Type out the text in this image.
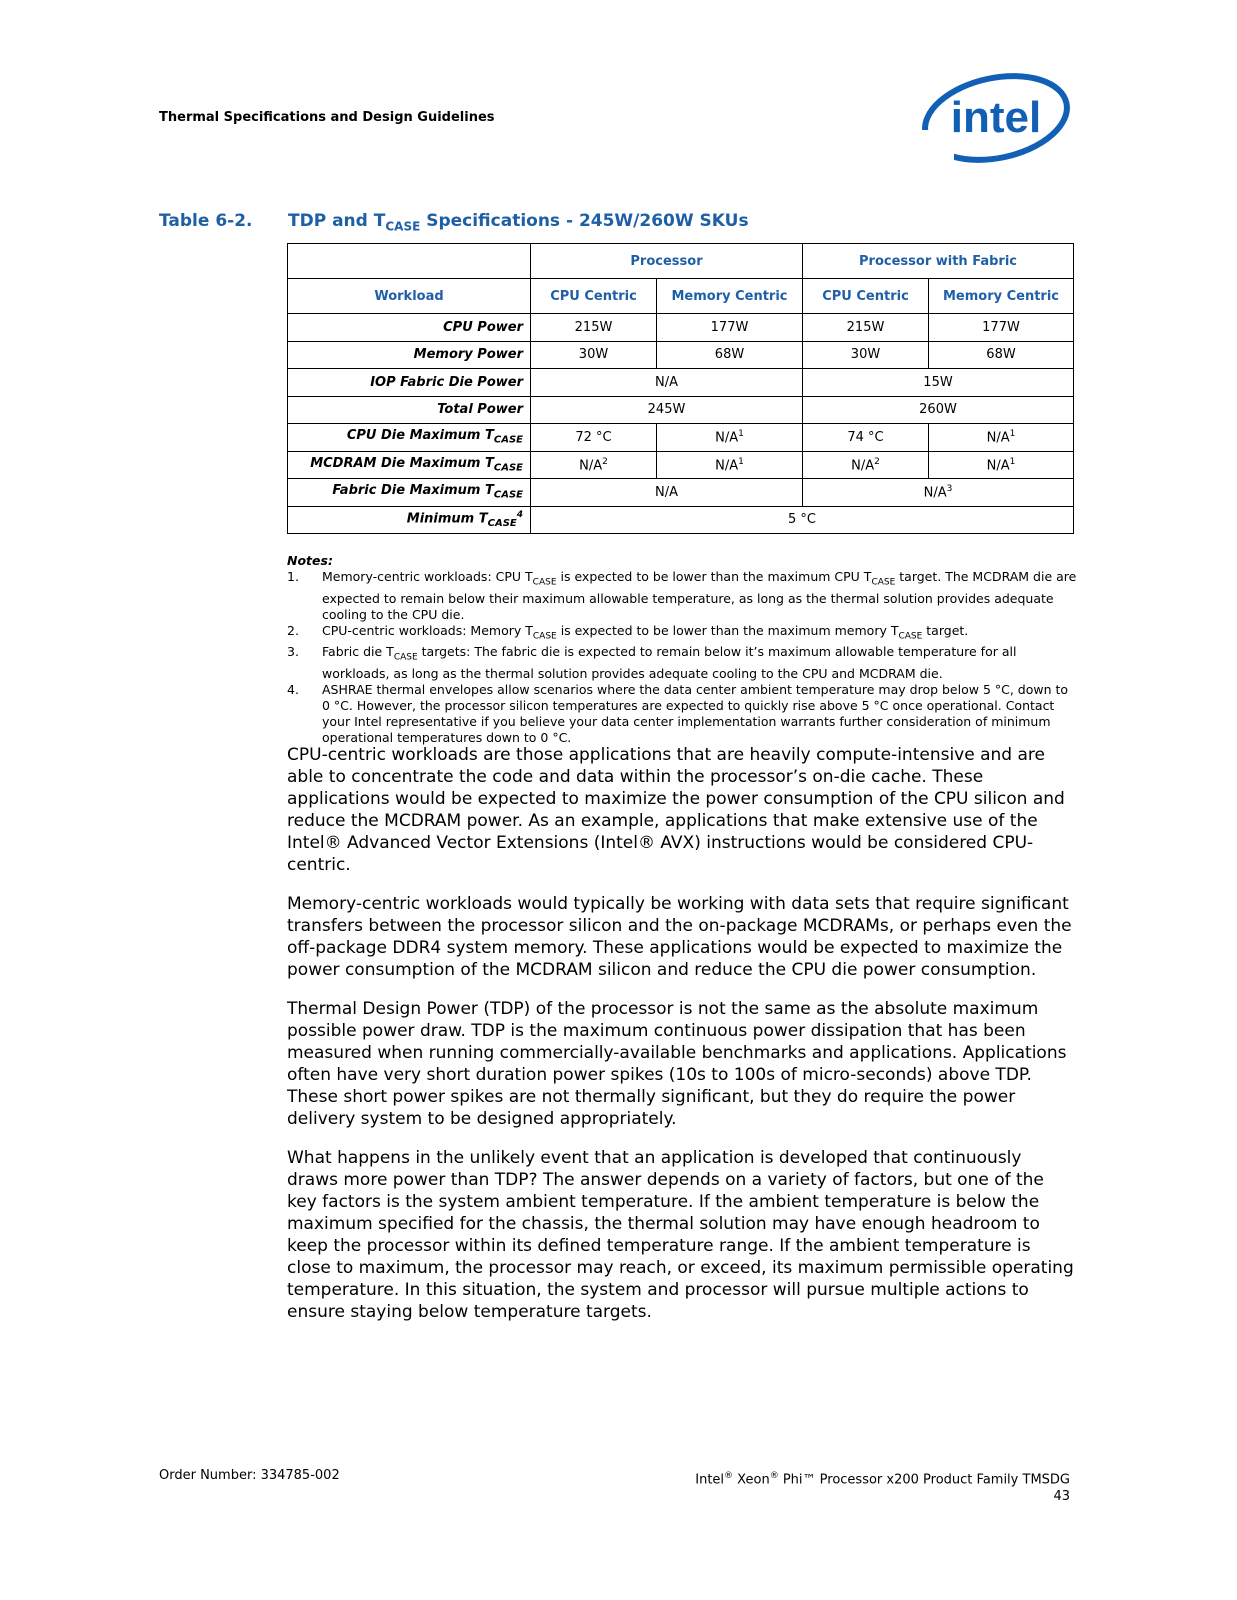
Thermal Specifications and Design Guidelines	intel
Table 6-2. TDP and $T_{CASE}$ Specifications - 245W/260W SKUs
	Processor		Processor with Fabric	
Workload	CPU Centric	Memory Centric	CPU Centric	Memory Centric
CPU Power	215W	177W	215W	177W
Memory Power	30W	68W	30W	68W
IOP Fabric Die Power	N/A		15W	
Total Power	245W		260W	
CPU Die Maximum $T_{CASE}$	72 °C	$N/A^1$	74 °C	$N/A^1$
MCDRAM Die Maximum $T_{CASE}$	$N/A^2$	$N/A^1$	$N/A^2$	$N/A^1$
Fabric Die Maximum $T_{CASE}$	N/A		$N/A^3$
Minimum $T_{CASE}^4$	5 °C			
Notes:
1.	Memory-centric workloads: CPU $T_{CASE}$ is expected to be lower than the maximum CPU $T_{CASE}$ target. The MCDRAM die are expected to remain below their maximum allowable temperature, as long as the thermal solution provides adequate cooling to the CPU die.
2.	CPU-centric workloads: Memory $T_{CASE}$ is expected to be lower than the maximum memory $T_{CASE}$ target.
3.	Fabric die $T_{CASE}$ targets: The fabric die is expected to remain below it’s maximum allowable temperature for all workloads, as long as the thermal solution provides adequate cooling to the CPU and MCDRAM die.
4.	ASHRAE thermal envelopes allow scenarios where the data center ambient temperature may drop below 5 °C, down to 0 °C. However, the processor silicon temperatures are expected to quickly rise above 5 °C once operational. Contact your Intel representative if you believe your data center implementation warrants further consideration of minimum operational temperatures down to 0 °C.

CPU-centric workloads are those applications that are heavily compute-intensive and are able to concentrate the code and data within the processor’s on-die cache. These applications would be expected to maximize the power consumption of the CPU silicon and reduce the MCDRAM power. As an example, applications that make extensive use of the Intel® Advanced Vector Extensions (Intel® AVX) instructions would be considered CPU-centric.

Memory-centric workloads would typically be working with data sets that require significant transfers between the processor silicon and the on-package MCDRAMs, or perhaps even the off-package DDR4 system memory. These applications would be expected to maximize the power consumption of the MCDRAM silicon and reduce the CPU die power consumption.

Thermal Design Power (TDP) of the processor is not the same as the absolute maximum possible power draw. TDP is the maximum continuous power dissipation that has been measured when running commercially-available benchmarks and applications. Applications often have very short duration power spikes (10s to 100s of micro-seconds) above TDP. These short power spikes are not thermally significant, but they do require the power delivery system to be designed appropriately.

What happens in the unlikely event that an application is developed that continuously draws more power than TDP? The answer depends on a variety of factors, but one of the key factors is the system ambient temperature. If the ambient temperature is below the maximum specified for the chassis, the thermal solution may have enough headroom to keep the processor within its defined temperature range. If the ambient temperature is close to maximum, the processor may reach, or exceed, its maximum permissible operating temperature. In this situation, the system and processor will pursue multiple actions to ensure staying below temperature targets.

Order Number: 334785-002	Intel® Xeon® Phi™ Processor x200 Product Family TMSDG
43
